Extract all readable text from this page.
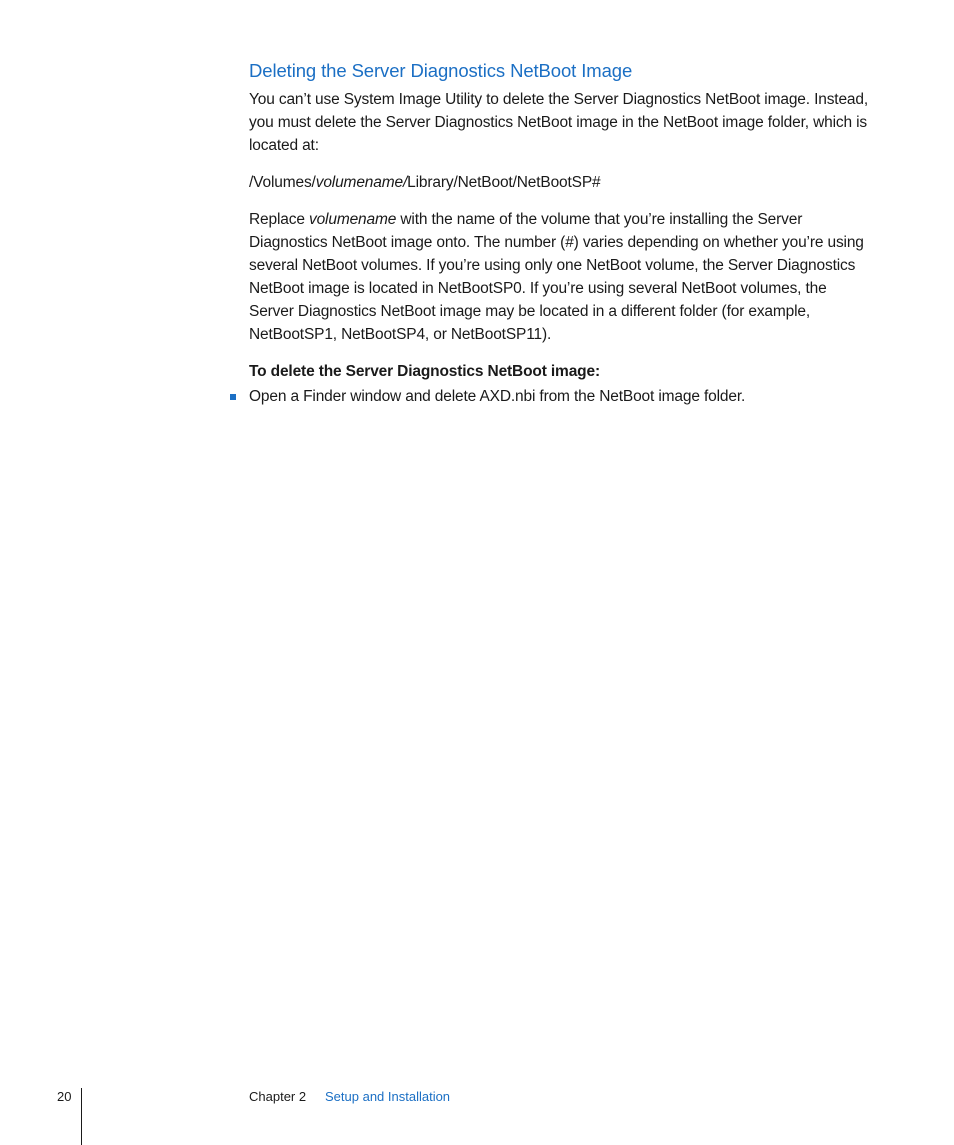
Deleting the Server Diagnostics NetBoot Image

You can’t use System Image Utility to delete the Server Diagnostics NetBoot image. Instead, you must delete the Server Diagnostics NetBoot image in the NetBoot image folder, which is located at:

/Volumes/volumename/Library/NetBoot/NetBootSP#

Replace volumename with the name of the volume that you’re installing the Server Diagnostics NetBoot image onto. The number (#) varies depending on whether you’re using several NetBoot volumes. If you’re using only one NetBoot volume, the Server Diagnostics NetBoot image is located in NetBootSP0. If you’re using several NetBoot volumes, the Server Diagnostics NetBoot image may be located in a different folder (for example, NetBootSP1, NetBootSP4, or NetBootSP11).

To delete the Server Diagnostics NetBoot image:

Open a Finder window and delete AXD.nbi from the NetBoot image folder.
20	Chapter 2 Setup and Installation
